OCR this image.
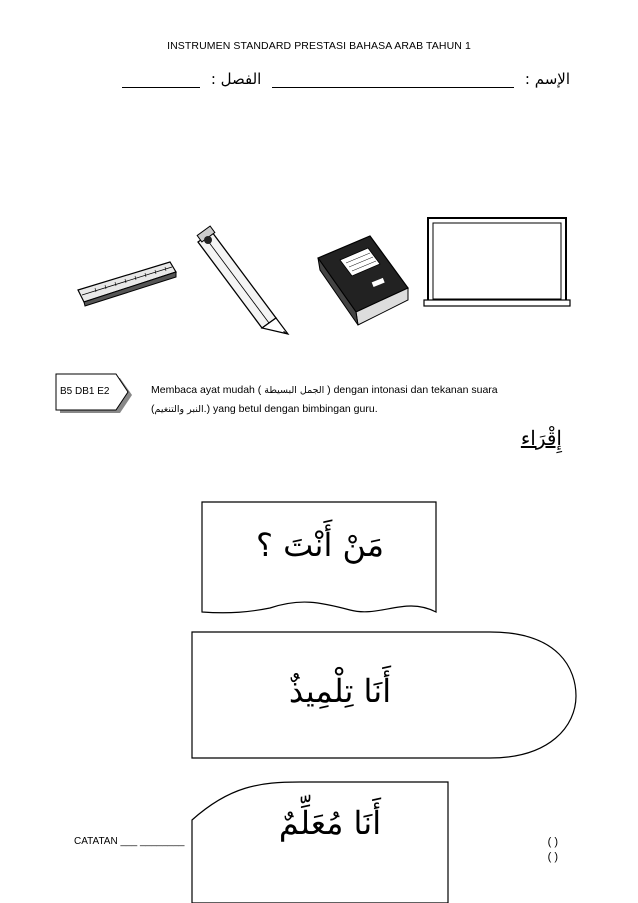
INSTRUMEN STANDARD PRESTASI BAHASA ARAB TAHUN 1
الإسم :  الفصل :
B5 DB1 E2	Membaca ayat mudah ( الجمل البسيطة ) dengan intonasi dan tekanan suara
(النبر والتنغيم.) yang betul dengan bimbingan guru.
إِقْرَاء
مَنْ أَنْتَ ؟
أَنَا تِلْمِيذٌ
أَنَا مُعَلِّمٌ
CATATAN ___ ________	( )
( )
